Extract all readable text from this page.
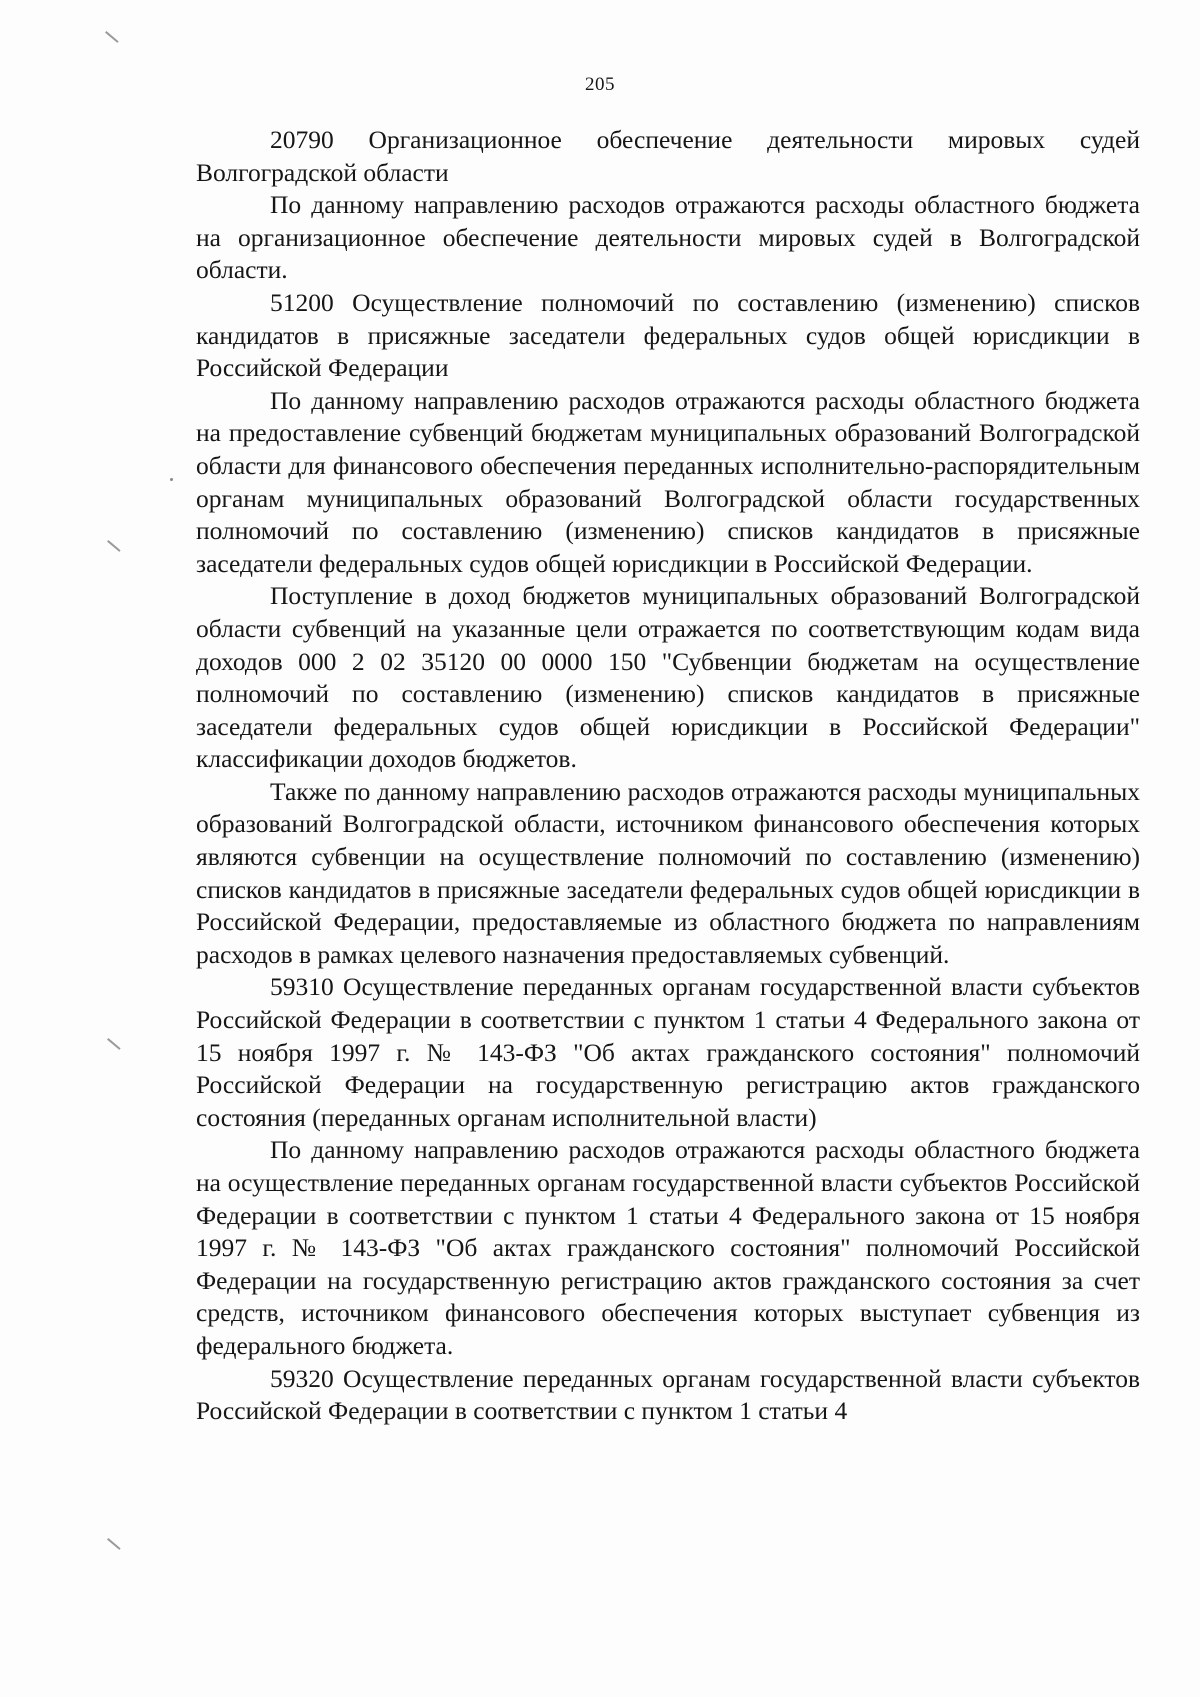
205

20790 Организационное обеспечение деятельности мировых судей Волгоградской области

По данному направлению расходов отражаются расходы областного бюджета на организационное обеспечение деятельности мировых судей в Волгоградской области.

51200 Осуществление полномочий по составлению (изменению) списков кандидатов в присяжные заседатели федеральных судов общей юрисдикции в Российской Федерации

По данному направлению расходов отражаются расходы областного бюджета на предоставление субвенций бюджетам муниципальных образований Волгоградской области для финансового обеспечения переданных исполнительно-распорядительным органам муниципальных образований Волгоградской области государственных полномочий по составлению (изменению) списков кандидатов в присяжные заседатели федеральных судов общей юрисдикции в Российской Федерации.

Поступление в доход бюджетов муниципальных образований Волгоградской области субвенций на указанные цели отражается по соответствующим кодам вида доходов 000 2 02 35120 00 0000 150 "Субвенции бюджетам на осуществление полномочий по составлению (изменению) списков кандидатов в присяжные заседатели федеральных судов общей юрисдикции в Российской Федерации" классификации доходов бюджетов.

Также по данному направлению расходов отражаются расходы муниципальных образований Волгоградской области, источником финансового обеспечения которых являются субвенции на осуществление полномочий по составлению (изменению) списков кандидатов в присяжные заседатели федеральных судов общей юрисдикции в Российской Федерации, предоставляемые из областного бюджета по направлениям расходов в рамках целевого назначения предоставляемых субвенций.

59310 Осуществление переданных органам государственной власти субъектов Российской Федерации в соответствии с пунктом 1 статьи 4 Федерального закона от 15 ноября 1997 г. № 143-ФЗ "Об актах гражданского состояния" полномочий Российской Федерации на государственную регистрацию актов гражданского состояния (переданных органам исполнительной власти)

По данному направлению расходов отражаются расходы областного бюджета на осуществление переданных органам государственной власти субъектов Российской Федерации в соответствии с пунктом 1 статьи 4 Федерального закона от 15 ноября 1997 г. № 143-ФЗ "Об актах гражданского состояния" полномочий Российской Федерации на государственную регистрацию актов гражданского состояния за счет средств, источником финансового обеспечения которых выступает субвенция из федерального бюджета.

59320 Осуществление переданных органам государственной власти субъектов Российской Федерации в соответствии с пунктом 1 статьи 4
